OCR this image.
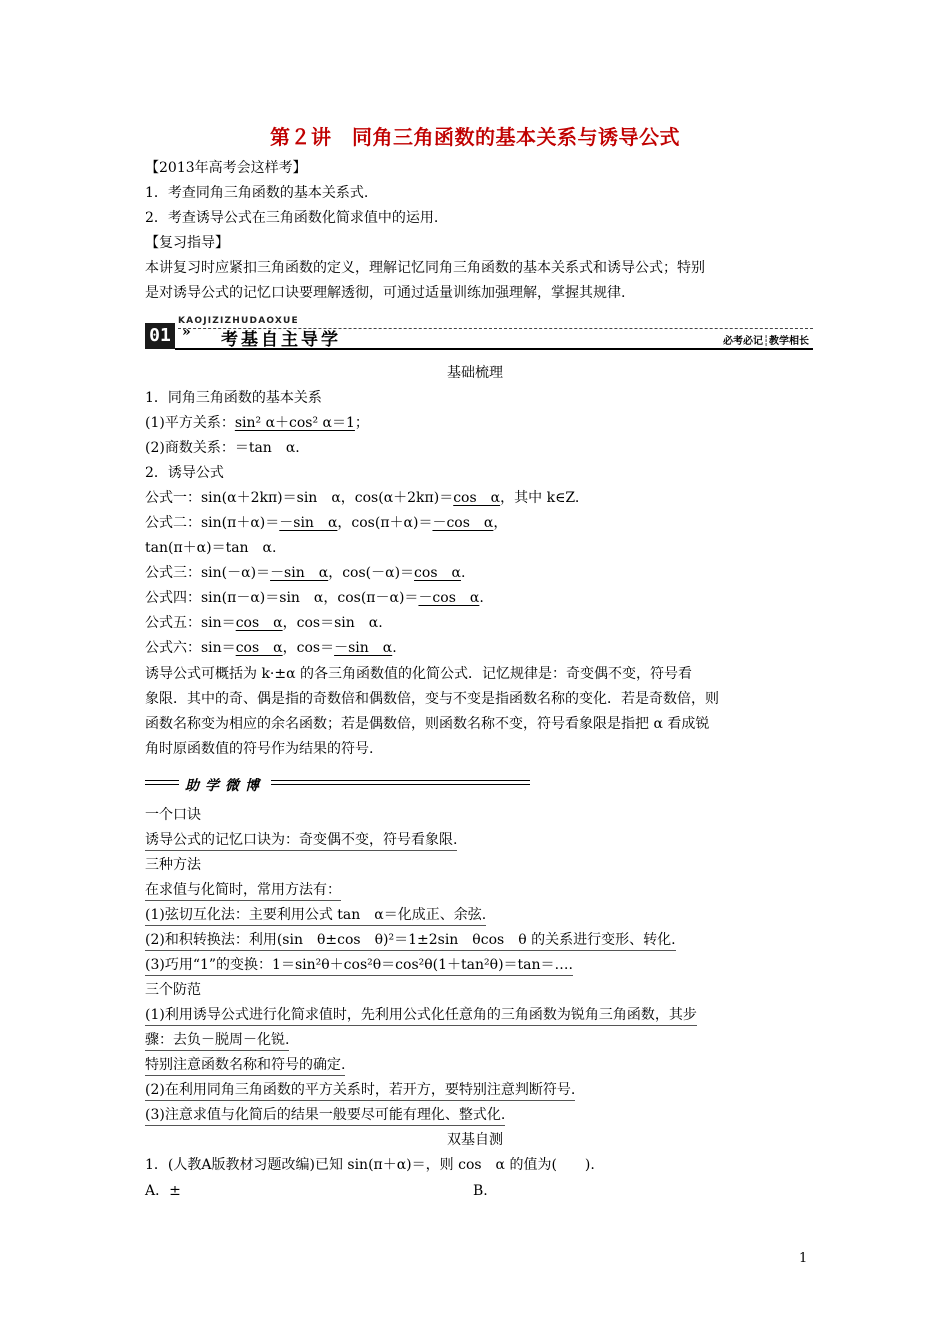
第２讲　同角三角函数的基本关系与诱导公式
【2013年高考会这样考】
1．考查同角三角函数的基本关系式.
2．考查诱导公式在三角函数化简求值中的运用.
【复习指导】
本讲复习时应紧扣三角函数的定义，理解记忆同角三角函数的基本关系式和诱导公式；特别
是对诱导公式的记忆口诀要理解透彻，可通过适量训练加强理解，掌握其规律.
01
KAOJIZIZHUDAOXUE
» 考基自主导学	必考必记┆教学相长
基础梳理
1．同角三角函数的基本关系
(1)平方关系：sin² α＋cos² α＝1；
(2)商数关系：＝tan　α.
2．诱导公式
公式一：sin(α＋2kπ)＝sin　α，cos(α＋2kπ)＝cos　α，其中 k∈Z.
公式二：sin(π＋α)＝－sin　α，cos(π＋α)＝－cos　α，
tan(π＋α)＝tan　α.
公式三：sin(－α)＝－sin　α，cos(－α)＝cos　α.
公式四：sin(π－α)＝sin　α，cos(π－α)＝－cos　α.
公式五：sin＝cos　α，cos＝sin　α.
公式六：sin＝cos　α，cos＝－sin　α.
诱导公式可概括为 k·±α 的各三角函数值的化简公式．记忆规律是：奇变偶不变，符号看
象限．其中的奇、偶是指的奇数倍和偶数倍，变与不变是指函数名称的变化．若是奇数倍，则
函数名称变为相应的余名函数；若是偶数倍，则函数名称不变，符号看象限是指把 α 看成锐
角时原函数值的符号作为结果的符号.
助学微博
一个口诀
诱导公式的记忆口诀为：奇变偶不变，符号看象限.
三种方法
在求值与化简时，常用方法有：
(1)弦切互化法：主要利用公式 tan　α＝化成正、余弦.
(2)和积转换法：利用(sin　θ±cos　θ)²＝1±2sin　θcos　θ 的关系进行变形、转化.
(3)巧用“1”的变换：1＝sin²θ＋cos²θ＝cos²θ(1＋tan²θ)＝tan＝….
三个防范
(1)利用诱导公式进行化简求值时，先利用公式化任意角的三角函数为锐角三角函数，其步
骤：去负－脱周－化锐.
特别注意函数名称和符号的确定.
(2)在利用同角三角函数的平方关系时，若开方，要特别注意判断符号.
(3)注意求值与化简后的结果一般要尽可能有理化、整式化.
双基自测
1．(人教A版教材习题改编)已知 sin(π＋α)＝，则 cos　α 的值为(　　).
A．±	B.
1
